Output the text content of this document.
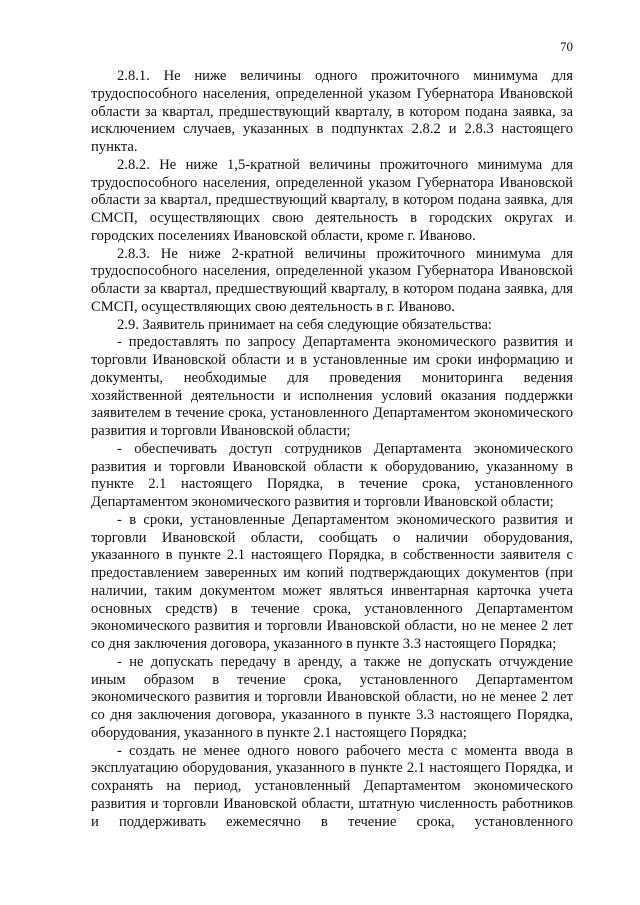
70

2.8.1. Не ниже величины одного прожиточного минимума для трудоспособного населения, определенной указом Губернатора Ивановской области за квартал, предшествующий кварталу, в котором подана заявка, за исключением случаев, указанных в подпунктах 2.8.2 и 2.8.3 настоящего пункта.

2.8.2. Не ниже 1,5-кратной величины прожиточного минимума для трудоспособного населения, определенной указом Губернатора Ивановской области за квартал, предшествующий кварталу, в котором подана заявка, для СМСП, осуществляющих свою деятельность в городских округах и городских поселениях Ивановской области, кроме г. Иваново.

2.8.3. Не ниже 2-кратной величины прожиточного минимума для трудоспособного населения, определенной указом Губернатора Ивановской области за квартал, предшествующий кварталу, в котором подана заявка, для СМСП, осуществляющих свою деятельность в г. Иваново.

2.9. Заявитель принимает на себя следующие обязательства:

- предоставлять по запросу Департамента экономического развития и торговли Ивановской области и в установленные им сроки информацию и документы, необходимые для проведения мониторинга ведения хозяйственной деятельности и исполнения условий оказания поддержки заявителем в течение срока, установленного Департаментом экономического развития и торговли Ивановской области;

- обеспечивать доступ сотрудников Департамента экономического развития и торговли Ивановской области к оборудованию, указанному в пункте 2.1 настоящего Порядка, в течение срока, установленного Департаментом экономического развития и торговли Ивановской области;

- в сроки, установленные Департаментом экономического развития и торговли Ивановской области, сообщать о наличии оборудования, указанного в пункте 2.1 настоящего Порядка, в собственности заявителя с предоставлением заверенных им копий подтверждающих документов (при наличии, таким документом может являться инвентарная карточка учета основных средств) в течение срока, установленного Департаментом экономического развития и торговли Ивановской области, но не менее 2 лет со дня заключения договора, указанного в пункте 3.3 настоящего Порядка;

- не допускать передачу в аренду, а также не допускать отчуждение иным образом в течение срока, установленного Департаментом экономического развития и торговли Ивановской области, но не менее 2 лет со дня заключения договора, указанного в пункте 3.3 настоящего Порядка, оборудования, указанного в пункте 2.1 настоящего Порядка;

- создать не менее одного нового рабочего места с момента ввода в эксплуатацию оборудования, указанного в пункте 2.1 настоящего Порядка, и сохранять на период, установленный Департаментом экономического развития и торговли Ивановской области, штатную численность работников и поддерживать ежемесячно в течение срока, установленного
